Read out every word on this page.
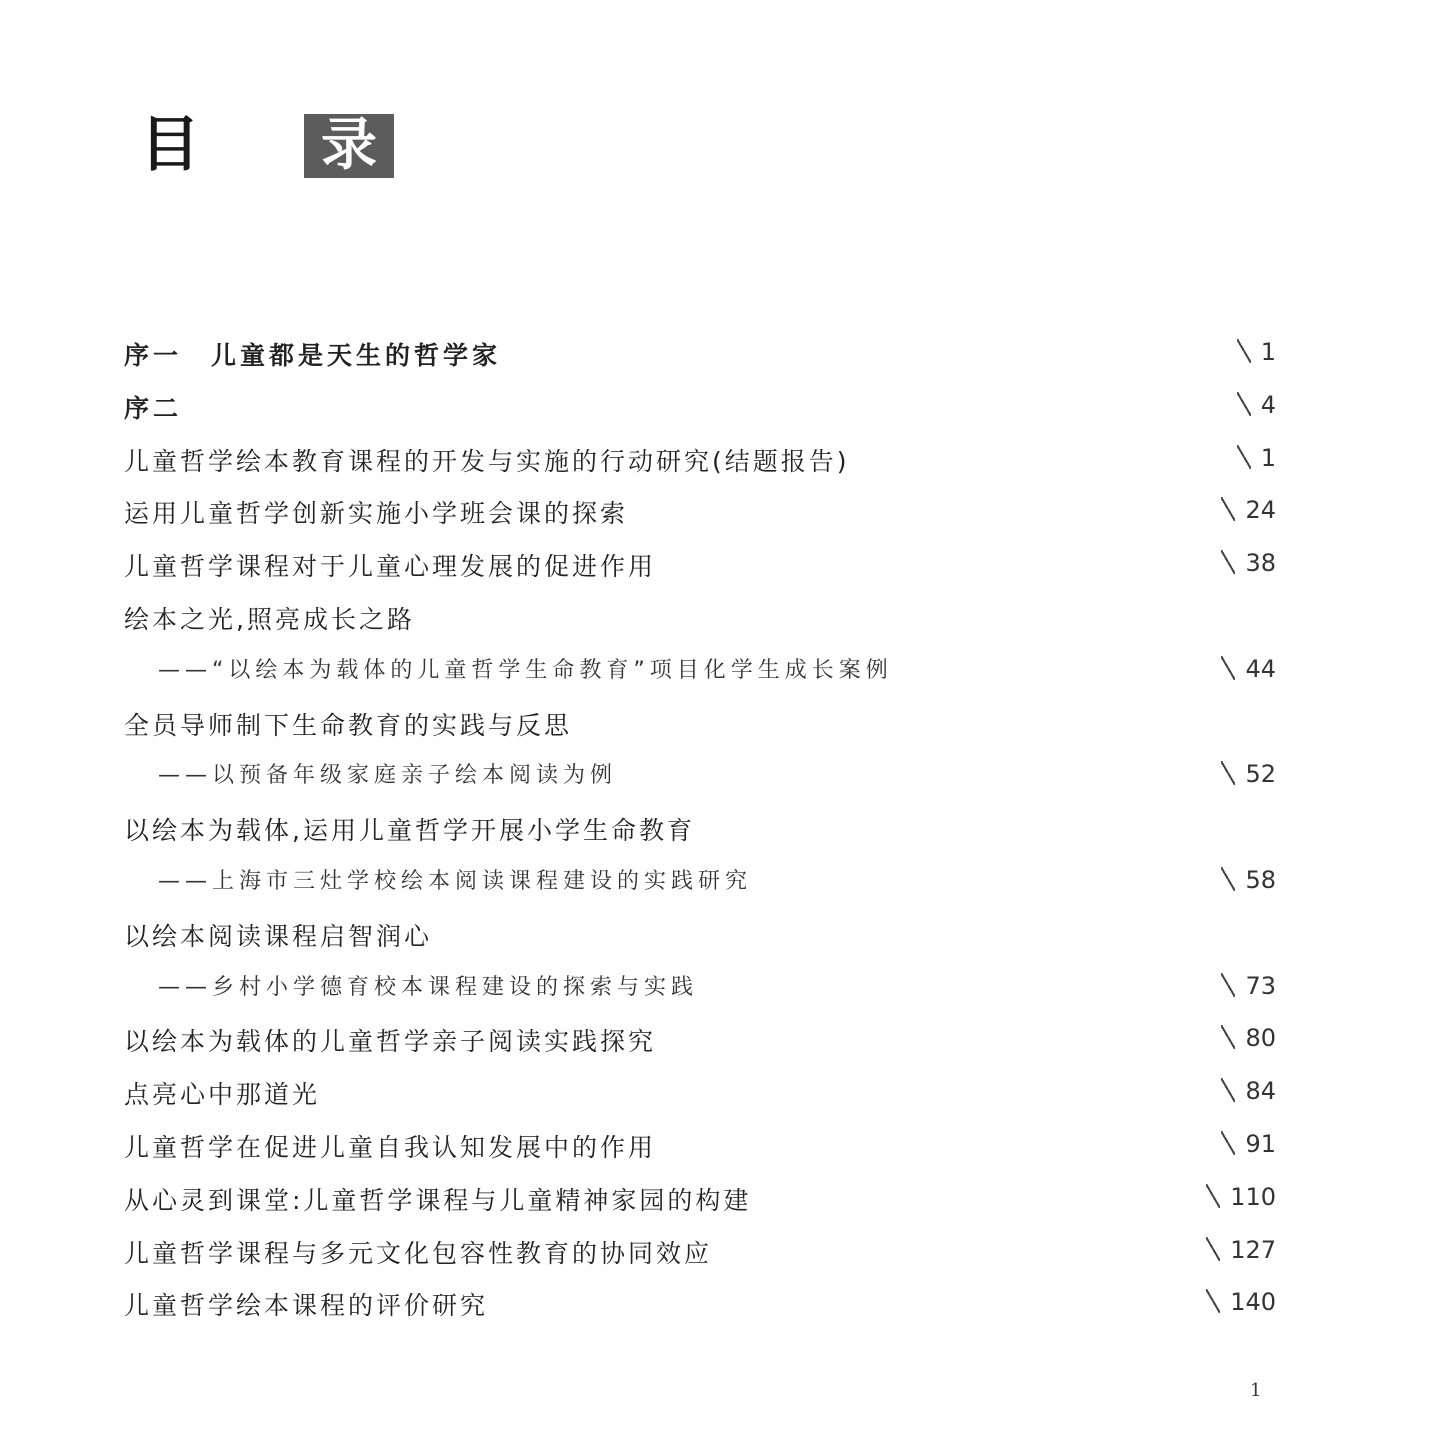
目	录
序一　儿童都是天生的哲学家	1
序二	4
儿童哲学绘本教育课程的开发与实施的行动研究(结题报告)	1
运用儿童哲学创新实施小学班会课的探索	24
儿童哲学课程对于儿童心理发展的促进作用	38
绘本之光,照亮成长之路
——“以绘本为载体的儿童哲学生命教育”项目化学生成长案例	44
全员导师制下生命教育的实践与反思
——以预备年级家庭亲子绘本阅读为例	52
以绘本为载体,运用儿童哲学开展小学生命教育
——上海市三灶学校绘本阅读课程建设的实践研究	58
以绘本阅读课程启智润心
——乡村小学德育校本课程建设的探索与实践	73
以绘本为载体的儿童哲学亲子阅读实践探究	80
点亮心中那道光	84
儿童哲学在促进儿童自我认知发展中的作用	91
从心灵到课堂:儿童哲学课程与儿童精神家园的构建	110
儿童哲学课程与多元文化包容性教育的协同效应	127
儿童哲学绘本课程的评价研究	140
1
